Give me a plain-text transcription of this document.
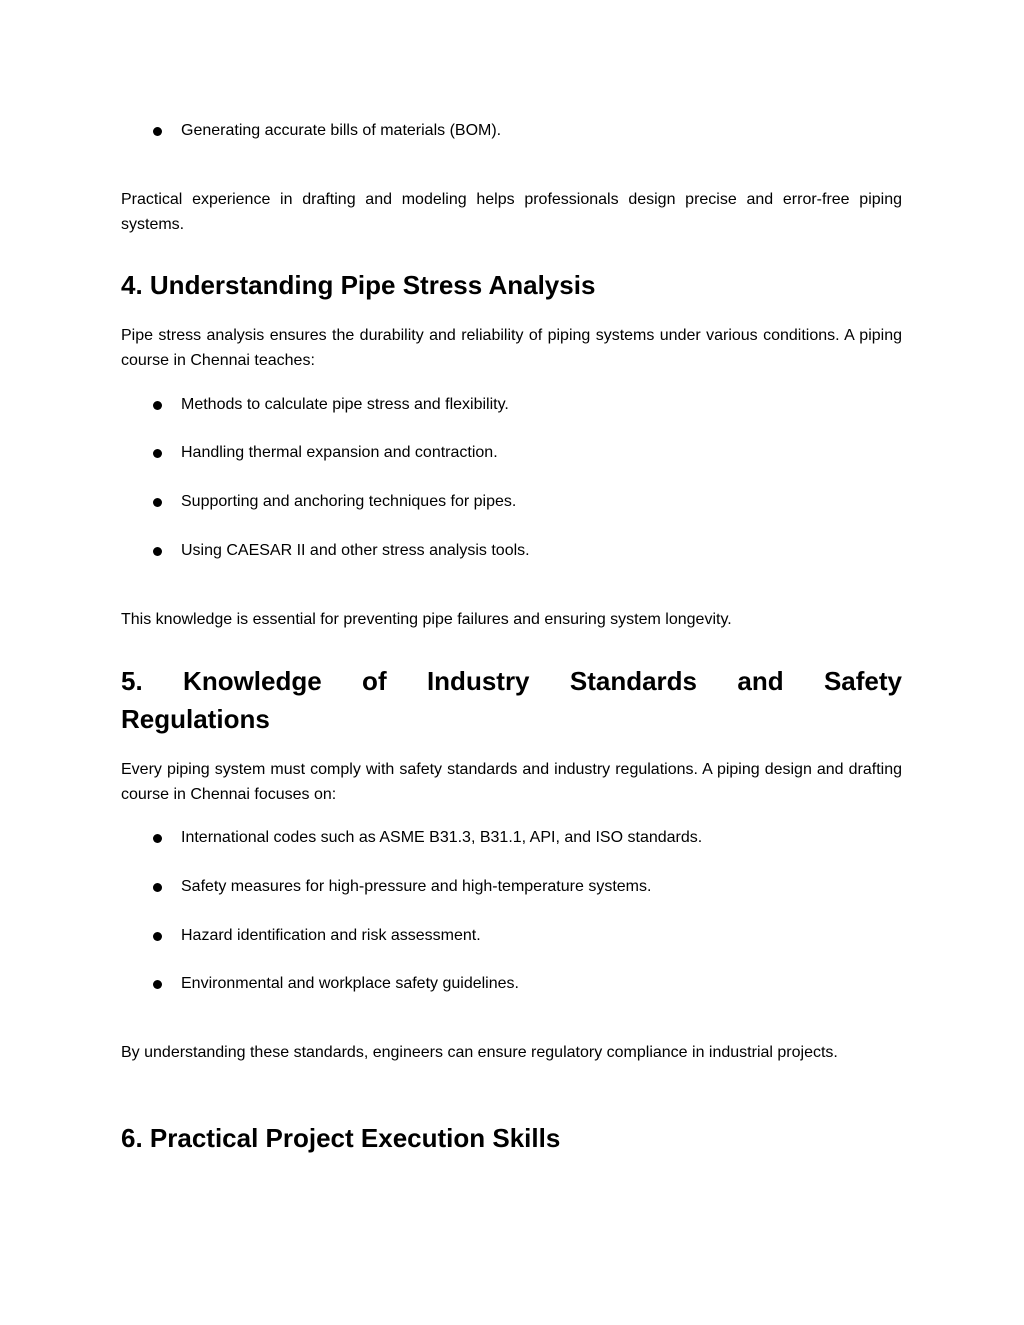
Generating accurate bills of materials (BOM).

Practical experience in drafting and modeling helps professionals design precise and error-free piping systems.

4. Understanding Pipe Stress Analysis

Pipe stress analysis ensures the durability and reliability of piping systems under various conditions. A piping course in Chennai teaches:

Methods to calculate pipe stress and flexibility.
Handling thermal expansion and contraction.
Supporting and anchoring techniques for pipes.
Using CAESAR II and other stress analysis tools.

This knowledge is essential for preventing pipe failures and ensuring system longevity.

5. Knowledge of Industry Standards and Safety
Regulations

Every piping system must comply with safety standards and industry regulations. A piping design and drafting course in Chennai focuses on:

International codes such as ASME B31.3, B31.1, API, and ISO standards.
Safety measures for high-pressure and high-temperature systems.
Hazard identification and risk assessment.
Environmental and workplace safety guidelines.

By understanding these standards, engineers can ensure regulatory compliance in industrial projects.

6. Practical Project Execution Skills
